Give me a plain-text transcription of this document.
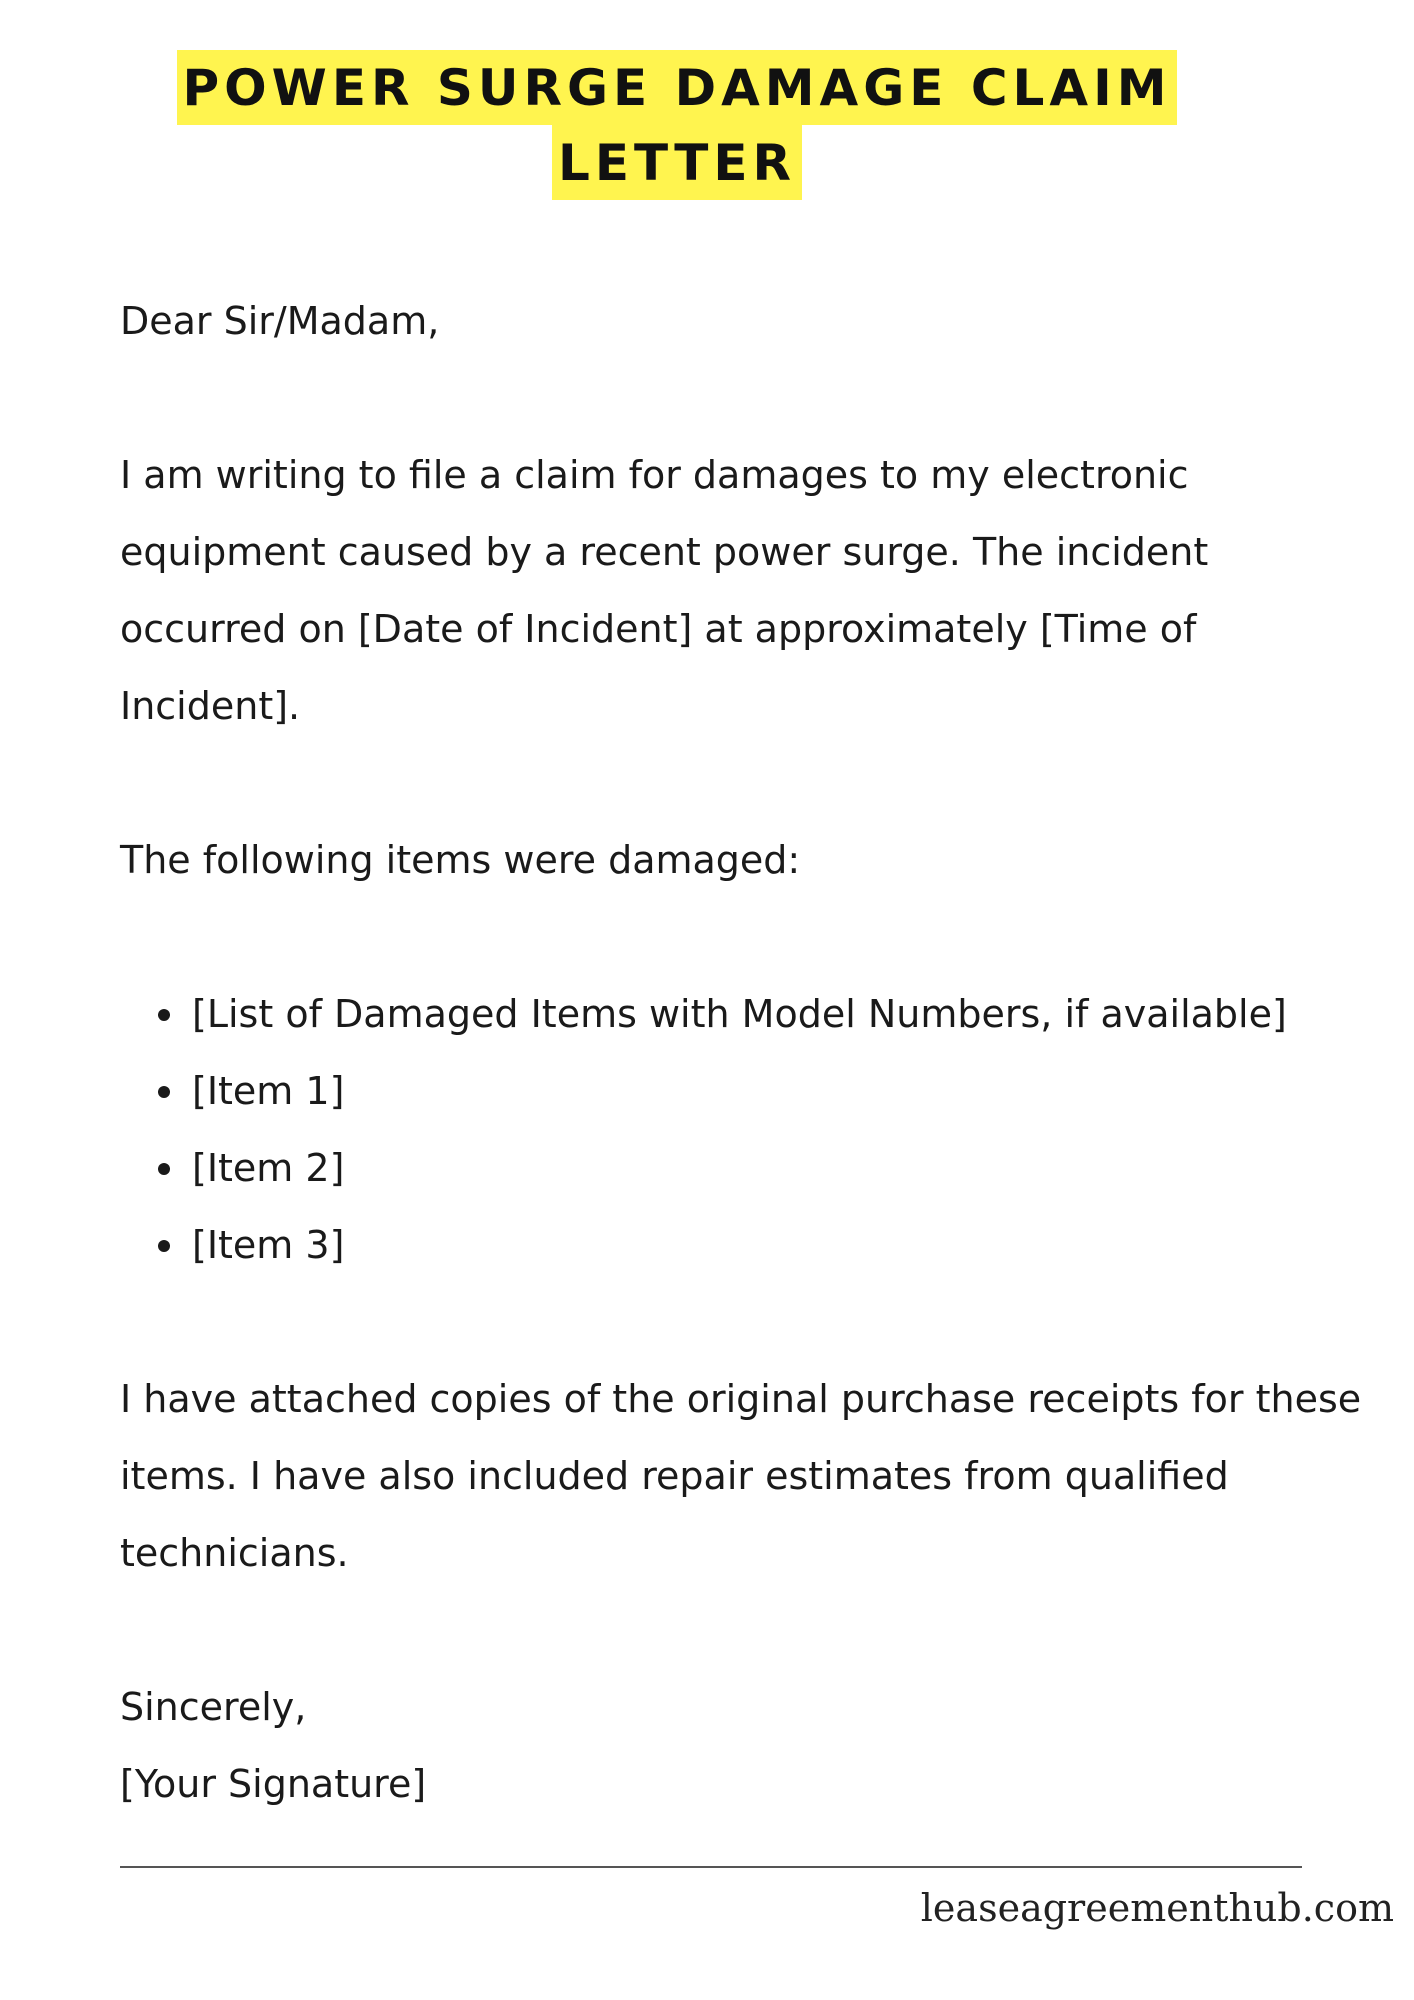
POWER SURGE DAMAGE CLAIM
LETTER

Dear Sir/Madam,

I am writing to file a claim for damages to my electronic equipment caused by a recent power surge. The incident occurred on [Date of Incident] at approximately [Time of Incident].

The following items were damaged:

[List of Damaged Items with Model Numbers, if available]
[Item 1]
[Item 2]
[Item 3]

I have attached copies of the original purchase receipts for these items. I have also included repair estimates from qualified technicians.

Sincerely,

[Your Signature]

leaseagreementhub.com
